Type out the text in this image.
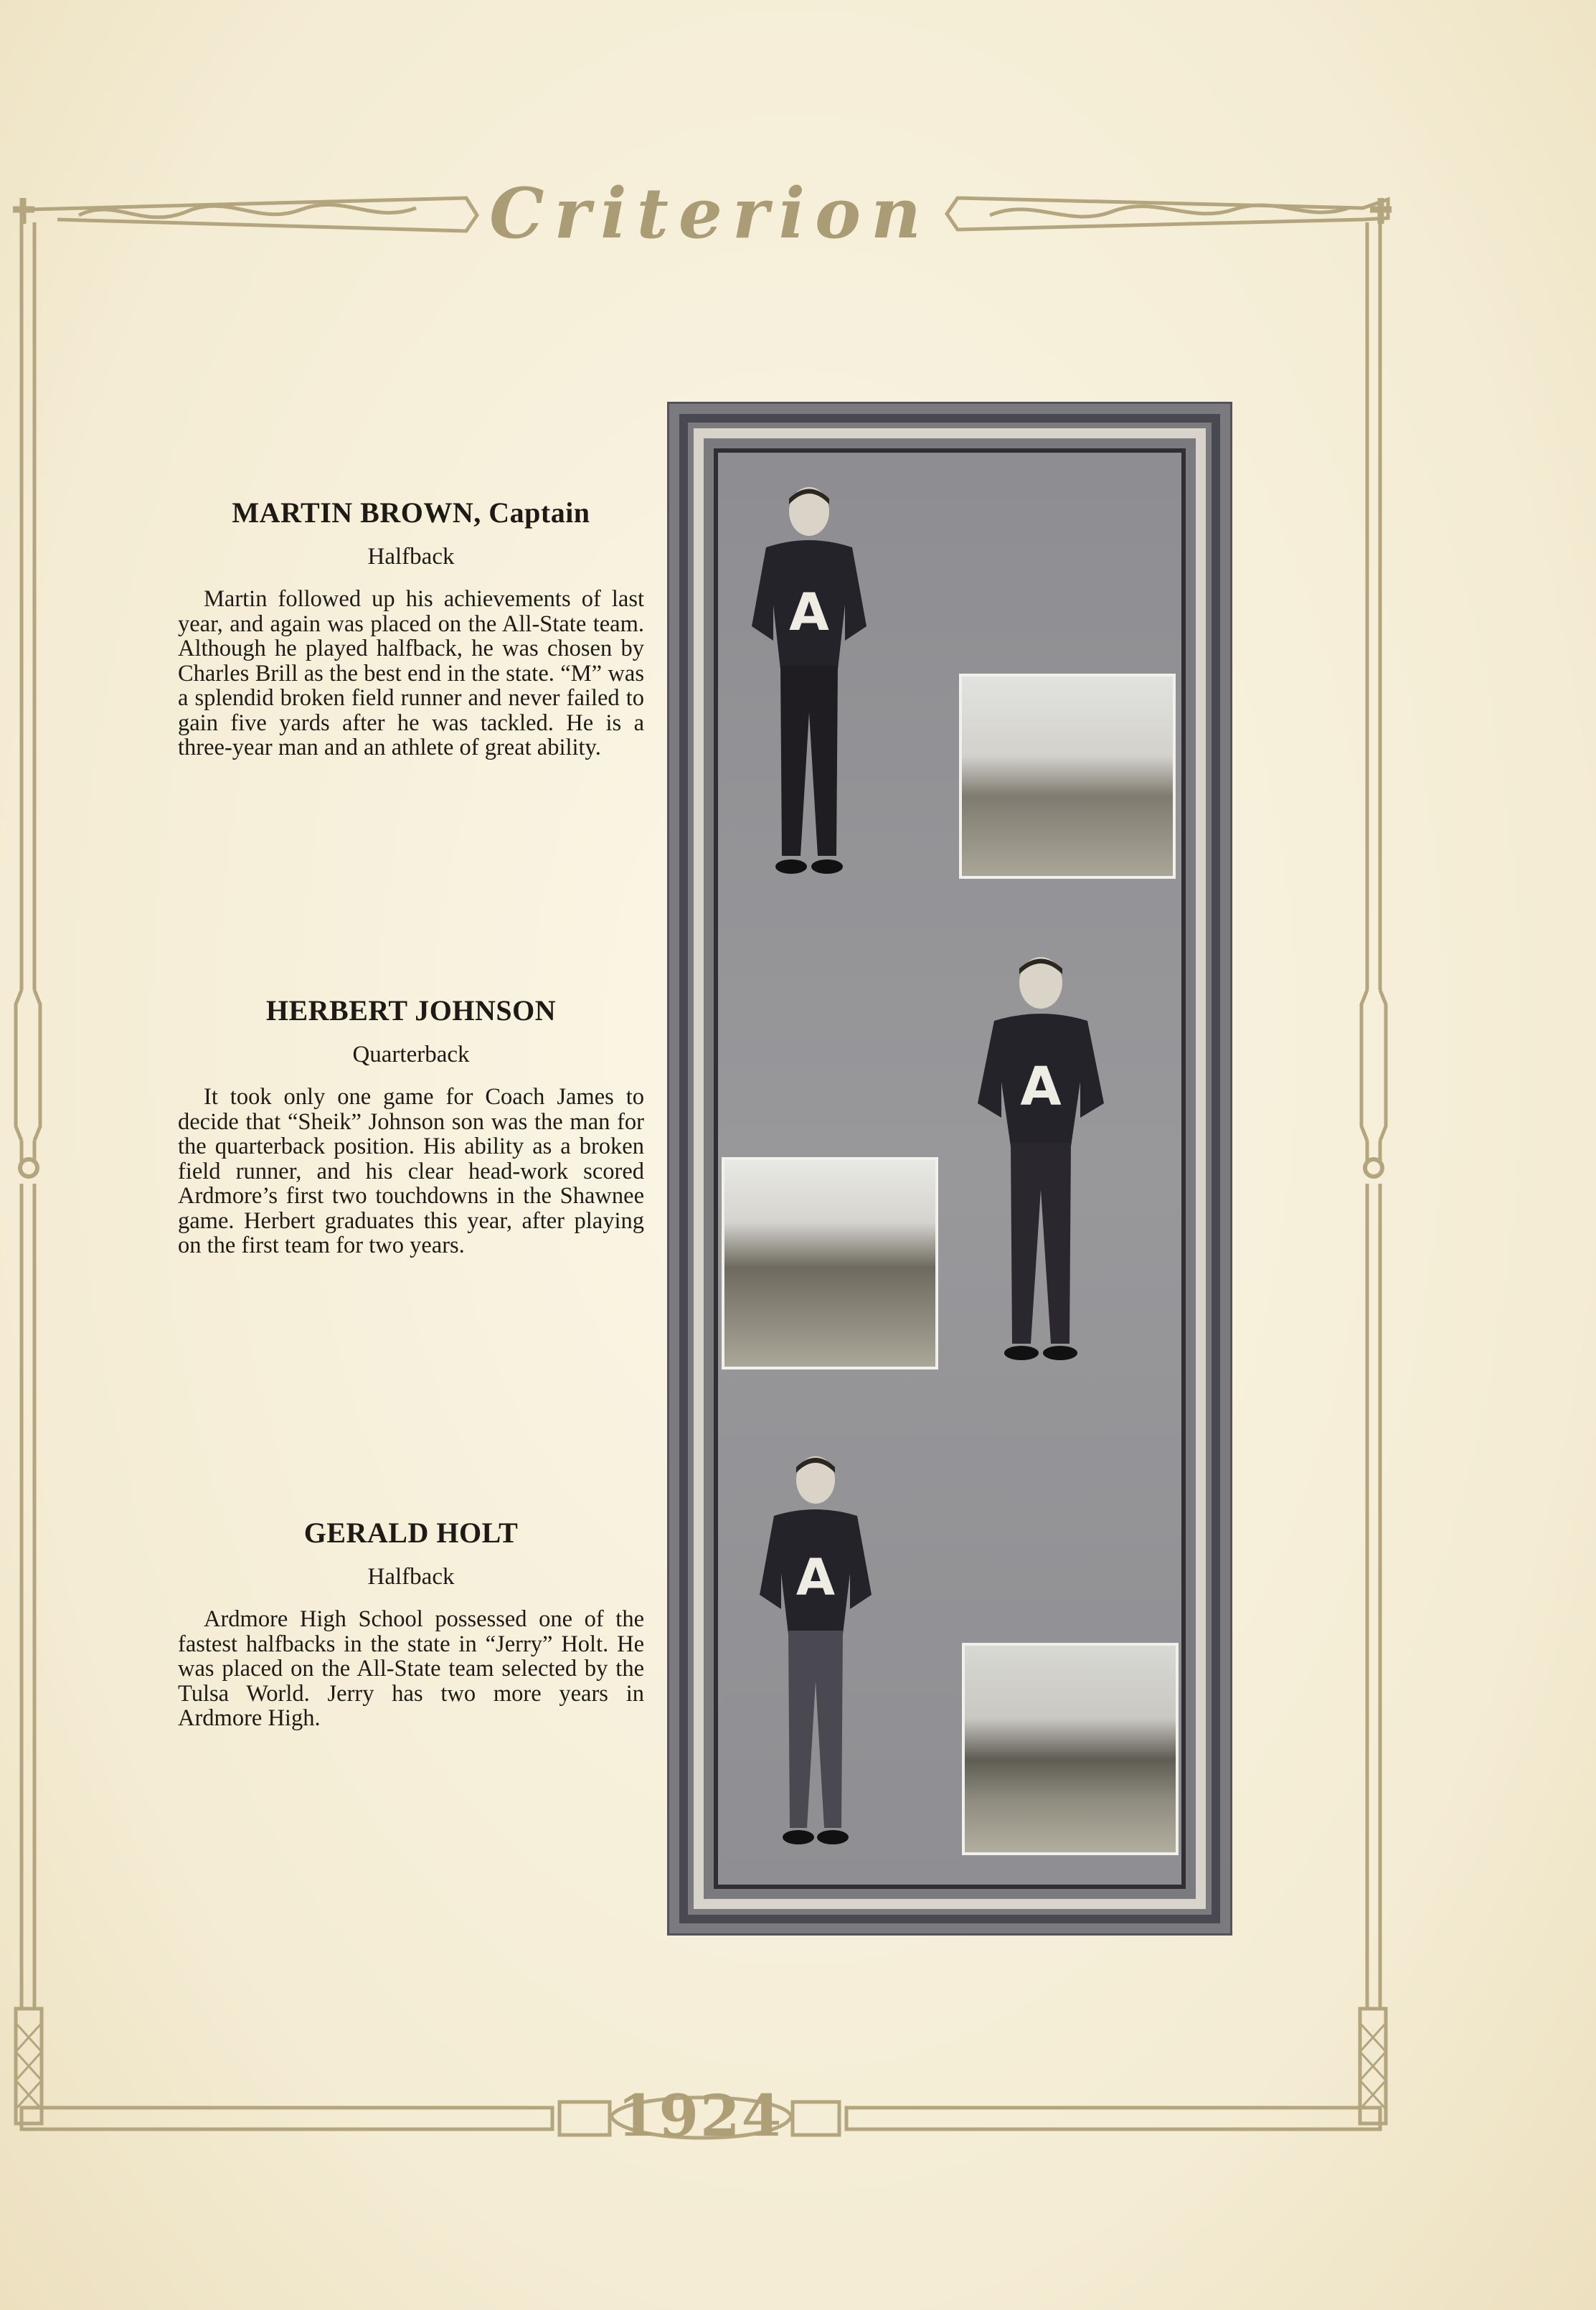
Criterion
1924
MARTIN BROWN, Captain
Halfback

Martin followed up his achievements of last year, and again was placed on the All-State team. Although he played halfback, he was chosen by Charles Brill as the best end in the state. “M” was a splendid broken field runner and never failed to gain five yards after he was tackled. He is a three-year man and an athlete of great ability.

HERBERT JOHNSON
Quarterback

It took only one game for Coach James to decide that “Sheik” Johnson son was the man for the quarterback position. His ability as a broken field runner, and his clear head-work scored Ardmore’s first two touchdowns in the Shawnee game. Herbert graduates this year, after playing on the first team for two years.

GERALD HOLT
Halfback

Ardmore High School possessed one of the fastest halfbacks in the state in “Jerry” Holt. He was placed on the All-State team selected by the Tulsa World. Jerry has two more years in Ardmore High.

A
A
A
